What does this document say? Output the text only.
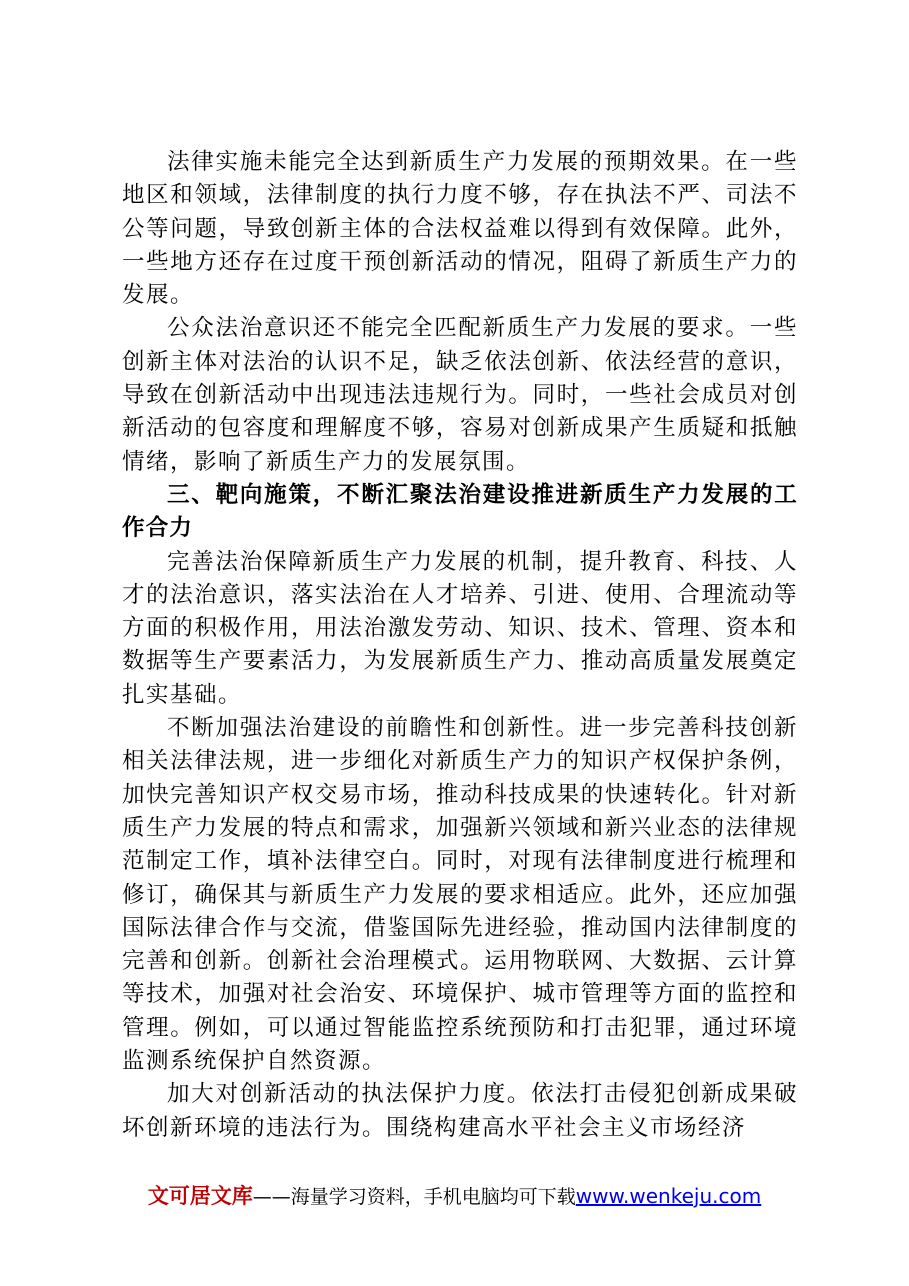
法律实施未能完全达到新质生产力发展的预期效果。在一些地区和领域，法律制度的执行力度不够，存在执法不严、司法不公等问题，导致创新主体的合法权益难以得到有效保障。此外，一些地方还存在过度干预创新活动的情况，阻碍了新质生产力的发展。

公众法治意识还不能完全匹配新质生产力发展的要求。一些创新主体对法治的认识不足，缺乏依法创新、依法经营的意识，导致在创新活动中出现违法违规行为。同时，一些社会成员对创新活动的包容度和理解度不够，容易对创新成果产生质疑和抵触情绪，影响了新质生产力的发展氛围。

三、靶向施策，不断汇聚法治建设推进新质生产力发展的工作合力

完善法治保障新质生产力发展的机制，提升教育、科技、人才的法治意识，落实法治在人才培养、引进、使用、合理流动等方面的积极作用，用法治激发劳动、知识、技术、管理、资本和数据等生产要素活力，为发展新质生产力、推动高质量发展奠定扎实基础。

不断加强法治建设的前瞻性和创新性。进一步完善科技创新相关法律法规，进一步细化对新质生产力的知识产权保护条例，加快完善知识产权交易市场，推动科技成果的快速转化。针对新质生产力发展的特点和需求，加强新兴领域和新兴业态的法律规范制定工作，填补法律空白。同时，对现有法律制度进行梳理和修订，确保其与新质生产力发展的要求相适应。此外，还应加强国际法律合作与交流，借鉴国际先进经验，推动国内法律制度的完善和创新。创新社会治理模式。运用物联网、大数据、云计算等技术，加强对社会治安、环境保护、城市管理等方面的监控和管理。例如，可以通过智能监控系统预防和打击犯罪，通过环境监测系统保护自然资源。

加大对创新活动的执法保护力度。依法打击侵犯创新成果破坏创新环境的违法行为。围绕构建高水平社会主义市场经济

文可居文库——海量学习资料，手机电脑均可下载www.wenkeju.com
